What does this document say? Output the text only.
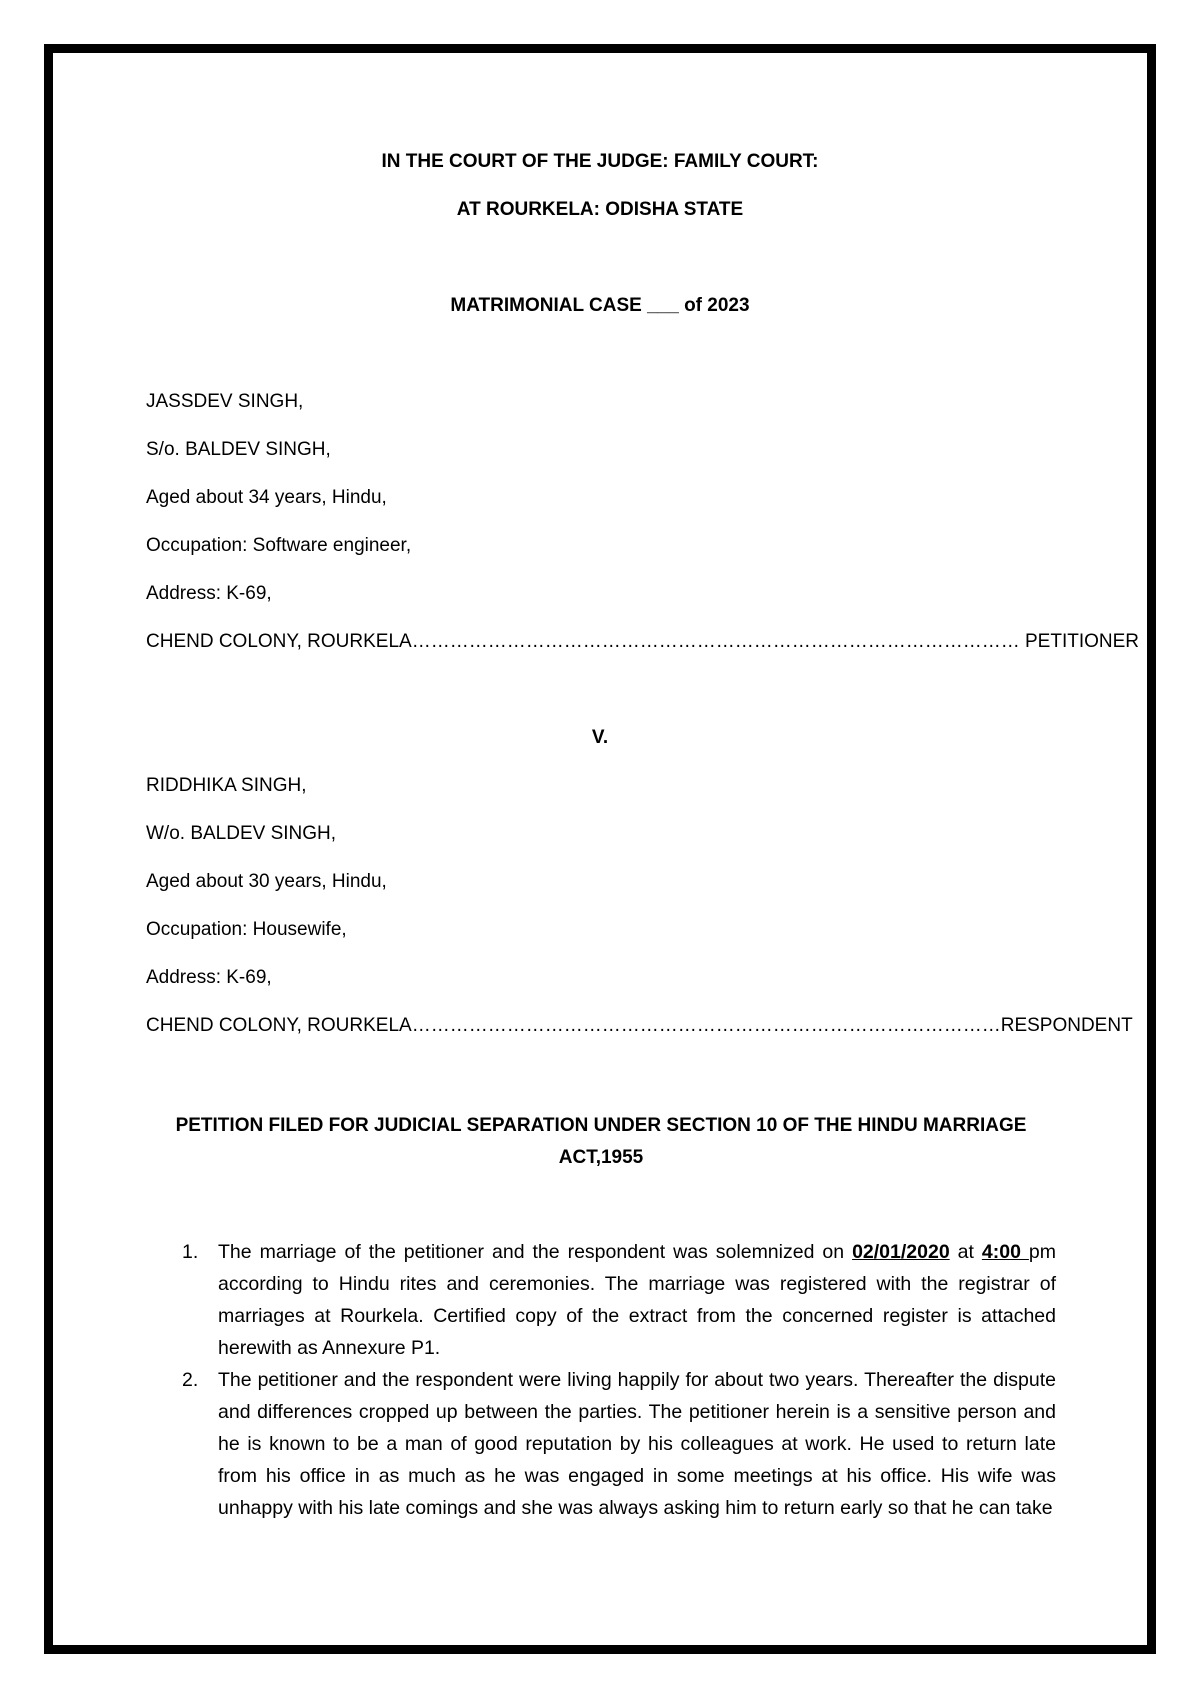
IN THE COURT OF THE JUDGE: FAMILY COURT:
AT ROURKELA: ODISHA STATE
MATRIMONIAL CASE ___ of 2023
JASSDEV SINGH,
S/o. BALDEV SINGH,
Aged about 34 years, Hindu,
Occupation: Software engineer,
Address: K-69,
CHEND COLONY, ROURKELA…………………………………………………………………………………… PETITIONER
V.
RIDDHIKA SINGH,
W/o. BALDEV SINGH,
Aged about 30 years, Hindu,
Occupation: Housewife,
Address: K-69,
CHEND COLONY, ROURKELA…………………………………………………………………………………RESPONDENT
PETITION FILED FOR JUDICIAL SEPARATION UNDER SECTION 10 OF THE HINDU MARRIAGE ACT,1955
1. The marriage of the petitioner and the respondent was solemnized on 02/01/2020 at 4:00 pm according to Hindu rites and ceremonies. The marriage was registered with the registrar of marriages at Rourkela. Certified copy of the extract from the concerned register is attached herewith as Annexure P1.
2. The petitioner and the respondent were living happily for about two years. Thereafter the dispute and differences cropped up between the parties. The petitioner herein is a sensitive person and he is known to be a man of good reputation by his colleagues at work. He used to return late from his office in as much as he was engaged in some meetings at his office. His wife was unhappy with his late comings and she was always asking him to return early so that he can take
